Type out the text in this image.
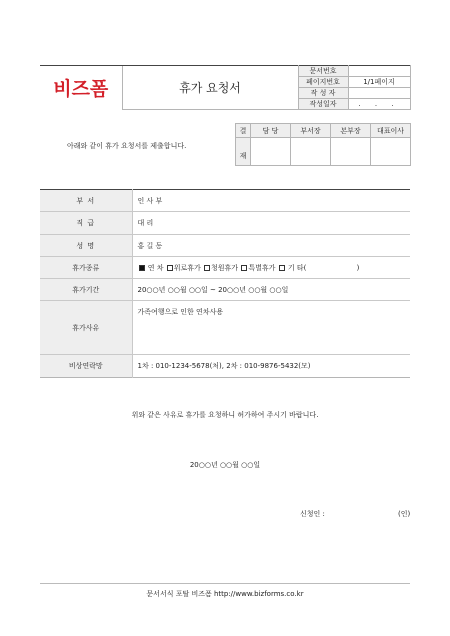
비즈폼	휴가 요청서	문서번호	
		페이지번호	1/1페이지
		작 성 자	
		작성일자	. . .
아래와 같이 휴가 요청서를 제출합니다.
결	담 당	부서장	본부장	대표이사
재				
부 서	인 사 부
직 급	대 리
성 명	홍 길 동
휴가종류	연 차 위로휴가 청원휴가 특별휴가 기 타( )
휴가기간	20○○년 ○○월 ○○일 ~ 20○○년 ○○월 ○○일
휴가사유	가족여행으로 인한 연차사용
비상연락망	1차 : 010-1234-5678(처), 2차 : 010-9876-5432(모)
위와 같은 사유로 휴가를 요청하니 허가하여 주시기 바랍니다.
20○○년 ○○월 ○○일
신청인 :	(인)
문서서식 포탈 비즈폼 http://www.bizforms.co.kr
